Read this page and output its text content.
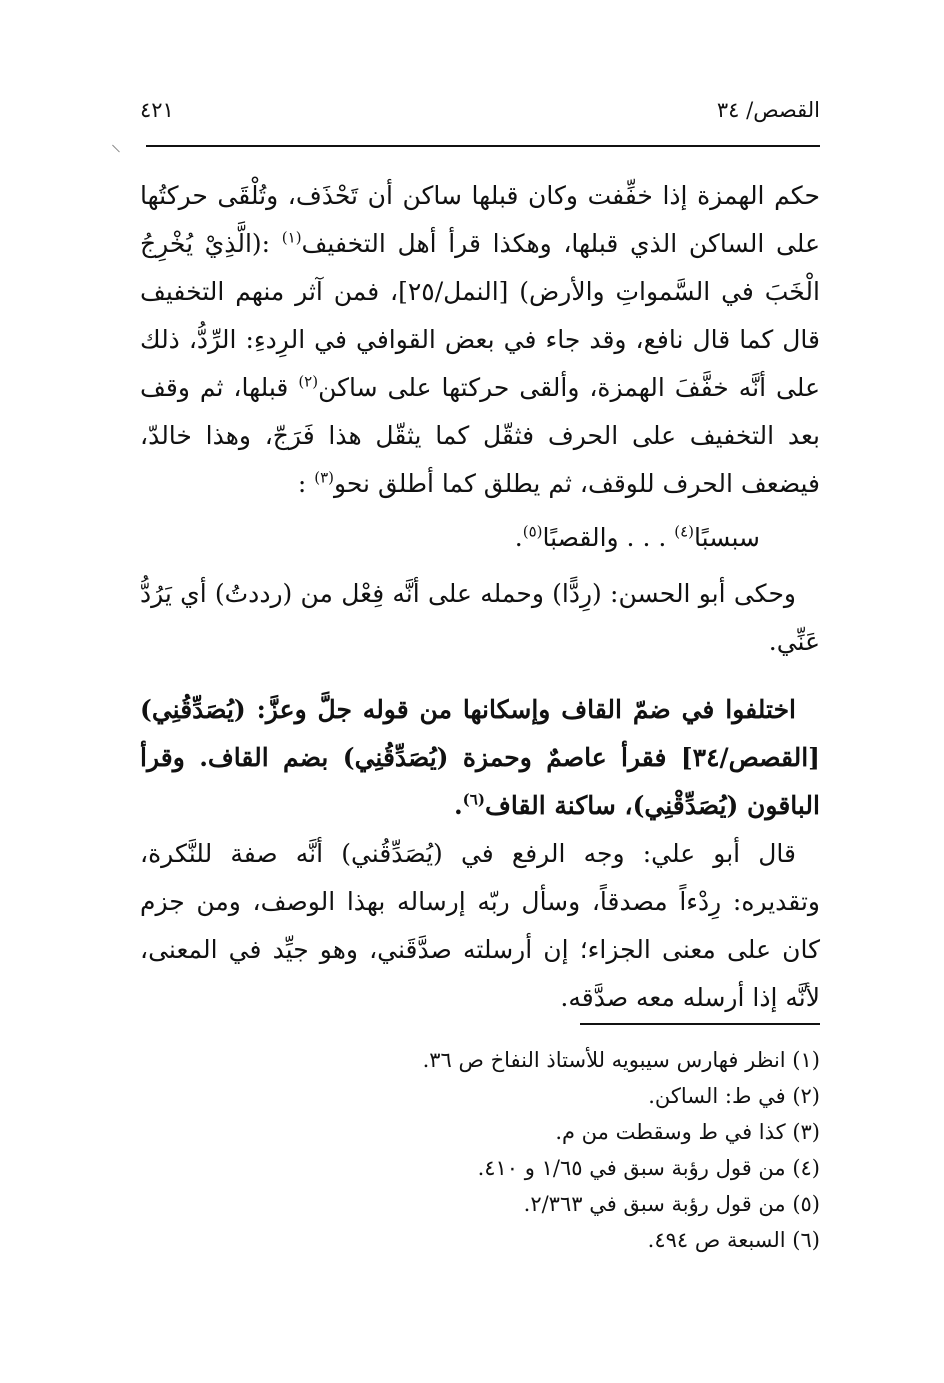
القصص/ ٣٤
٤٢١

حكم الهمزة إذا خفِّفت وكان قبلها ساكن أن تَحْذَف، وتُلْقَى حركتُها على الساكن الذي قبلها، وهكذا قرأ أهل التخفيف$^{(١)}$ :(الَّذِيْ يُخْرِجُ الْخَبَ في السَّمواتِ والأرض) [النمل/٢٥]، فمن آثر منهم التخفيف قال كما قال نافع، وقد جاء في بعض القوافي في الرِدءِ: الرِّدُّ، ذلك على أنَّه خفَّفَ الهمزة، وألقى حركتها على ساكن$^{(٢)}$ قبلها، ثم وقف بعد التخفيف على الحرف فثقّل كما يثقّل هذا فَرَجّ، وهذا خالدّ، فيضعف الحرف للوقف، ثم يطلق كما أطلق نحو$^{(٣)}$ :

سبسبًا$^{(٤)}$ . . . والقصبًا$^{(٥)}$.

وحكى أبو الحسن: (رِدًّا) وحمله على أنَّه فِعْل من (رددتُ) أي يَرُدُّ عَنِّي.

اختلفوا في ضمّ القاف وإسكانها من قوله جلَّ وعزَّ: (يُصَدِّقُنِي) [القصص/٣٤] فقرأ عاصمٌ وحمزة (يُصَدِّقُنِي) بضم القاف. وقرأ الباقون (يُصَدِّقْنِي)، ساكنة القاف$^{(٦)}$.

قال أبو علي: وجه الرفع في (يُصَدِّقُني) أنَّه صفة للنَّكرة، وتقديره: رِدْءاً مصدقاً، وسأل ربّه إرساله بهذا الوصف، ومن جزم كان على معنى الجزاء؛ إن أرسلته صدَّقَني، وهو جيِّد في المعنى، لأنَّه إذا أرسله معه صدَّقه.

(١) انظر فهارس سيبويه للأستاذ النفاخ ص ٣٦.

(٢) في ط: الساكن.

(٣) كذا في ط وسقطت من م.

(٤) من قول رؤبة سبق في ١/٦٥ و ٤١٠.

(٥) من قول رؤبة سبق في ٢/٣٦٣.

(٦) السبعة ص ٤٩٤.
